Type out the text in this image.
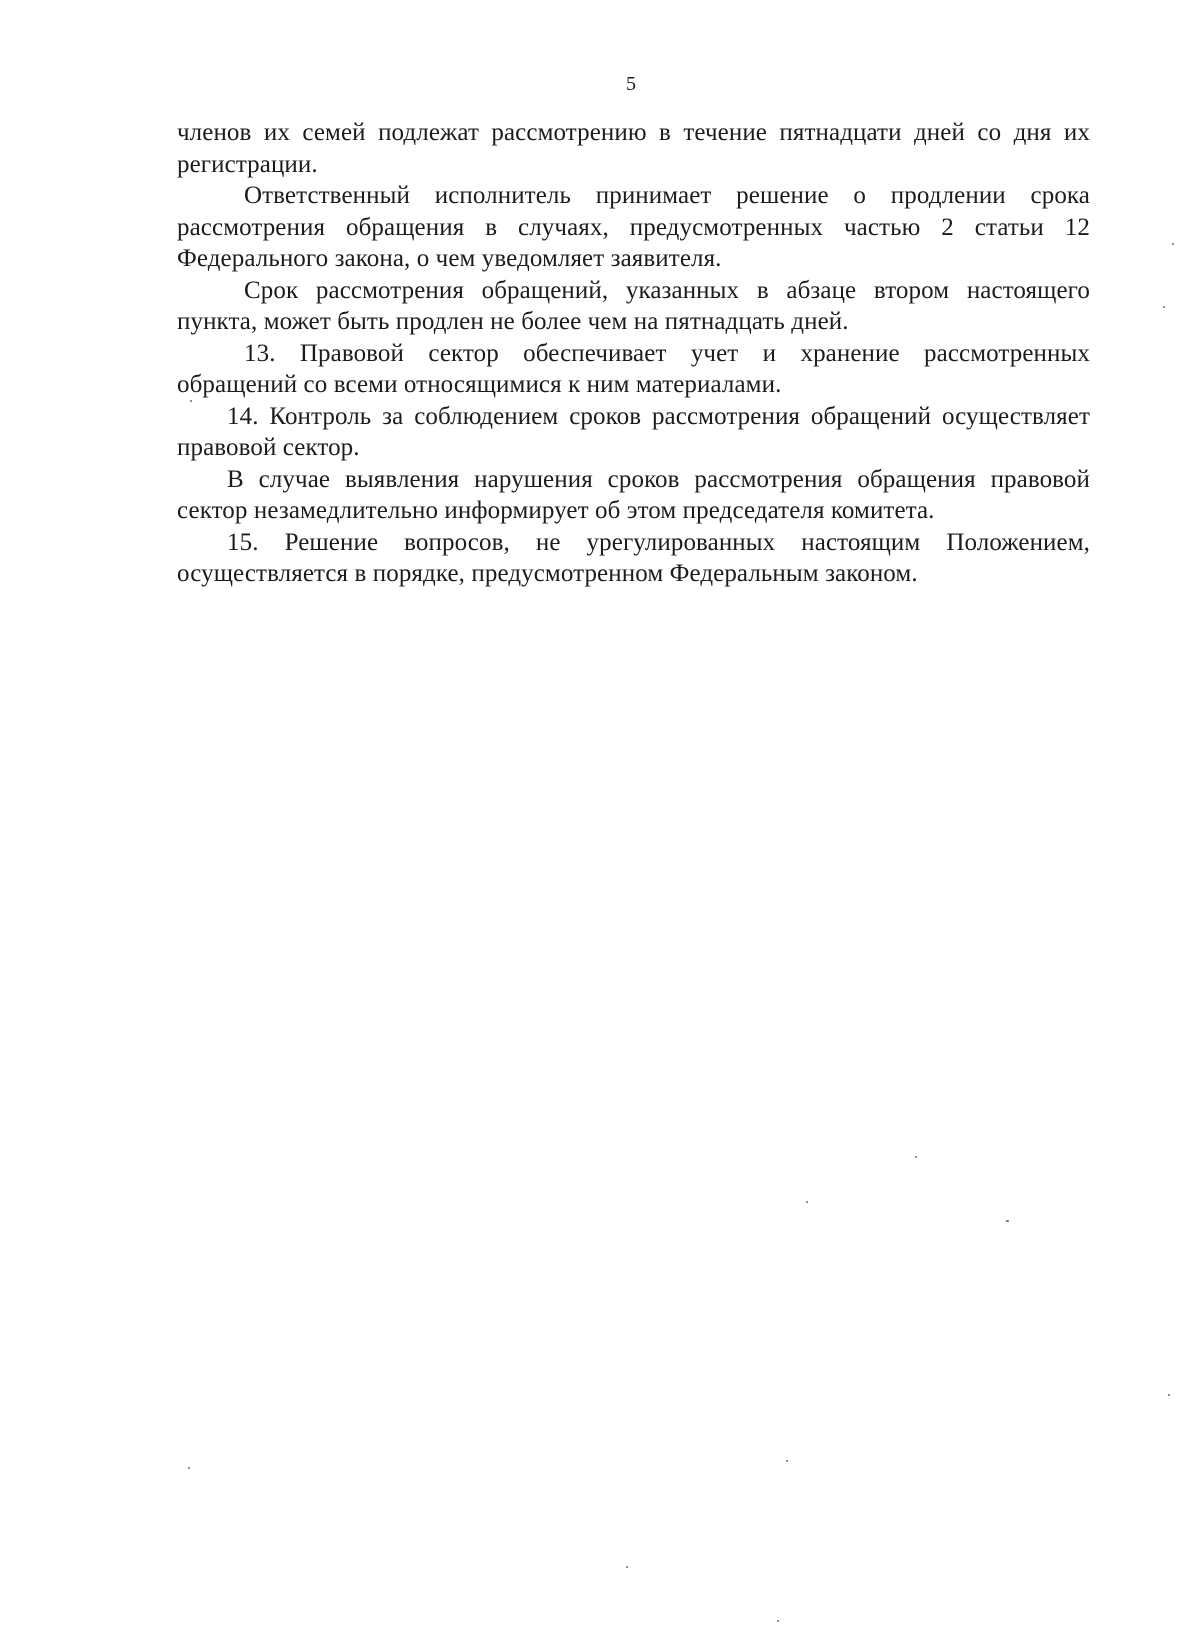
5

членов их семей подлежат рассмотрению в течение пятнадцати дней со дня их регистрации.

Ответственный исполнитель принимает решение о продлении срока рассмотрения обращения в случаях, предусмотренных частью 2 статьи 12 Федерального закона, о чем уведомляет заявителя.

Срок рассмотрения обращений, указанных в абзаце втором настоящего пункта, может быть продлен не более чем на пятнадцать дней.

13. Правовой сектор обеспечивает учет и хранение рассмотренных обращений со всеми относящимися к ним материалами.

14. Контроль за соблюдением сроков рассмотрения обращений осуществляет правовой сектор.

В случае выявления нарушения сроков рассмотрения обращения правовой сектор незамедлительно информирует об этом председателя комитета.

15. Решение вопросов, не урегулированных настоящим Положением, осуществляется в порядке, предусмотренном Федеральным законом.
